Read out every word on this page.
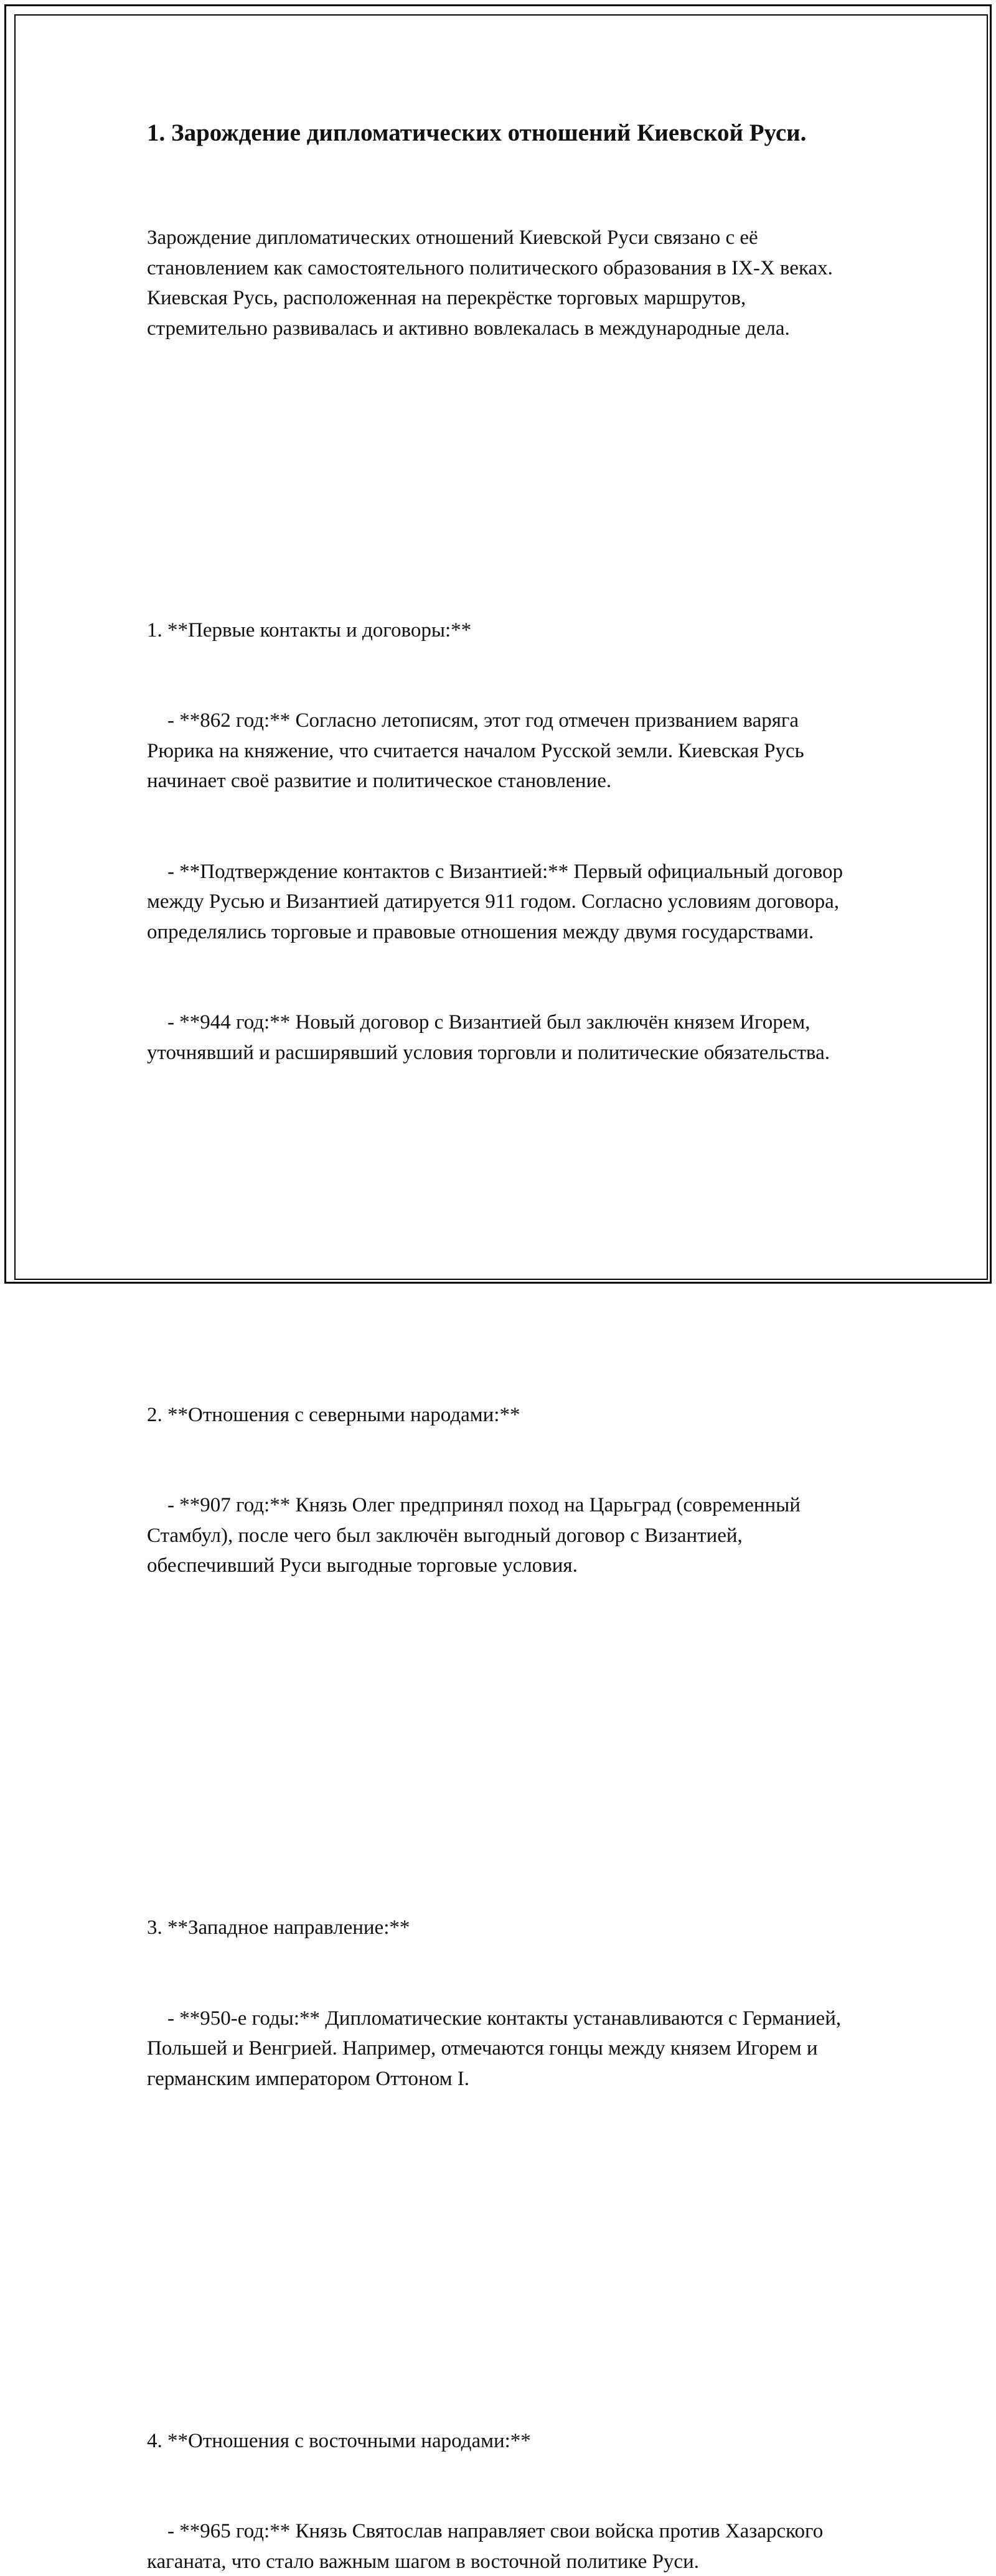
1. Зарождение дипломатических отношений Киевской Руси.

Зарождение дипломатических отношений Киевской Руси связано с её становлением как самостоятельного политического образования в IX-X веках. Киевская Русь, расположенная на перекрёстке торговых маршрутов, стремительно развивалась и активно вовлекалась в международные дела.

1. **Первые контакты и договоры:**

- **862 год:** Согласно летописям, этот год отмечен призванием варяга Рюрика на княжение, что считается началом Русской земли. Киевская Русь начинает своё развитие и политическое становление.

- **Подтверждение контактов с Византией:** Первый официальный договор между Русью и Византией датируется 911 годом. Согласно условиям договора, определялись торговые и правовые отношения между двумя государствами.

- **944 год:** Новый договор с Византией был заключён князем Игорем, уточнявший и расширявший условия торговли и политические обязательства.

2. **Отношения с северными народами:**

- **907 год:** Князь Олег предпринял поход на Царьград (современный Стамбул), после чего был заключён выгодный договор с Византией, обеспечивший Руси выгодные торговые условия.

3. **Западное направление:**

- **950-е годы:** Дипломатические контакты устанавливаются с Германией, Польшей и Венгрией. Например, отмечаются гонцы между князем Игорем и германским императором Оттоном I.

4. **Отношения с восточными народами:**

- **965 год:** Князь Святослав направляет свои войска против Хазарского каганата, что стало важным шагом в восточной политике Руси.
